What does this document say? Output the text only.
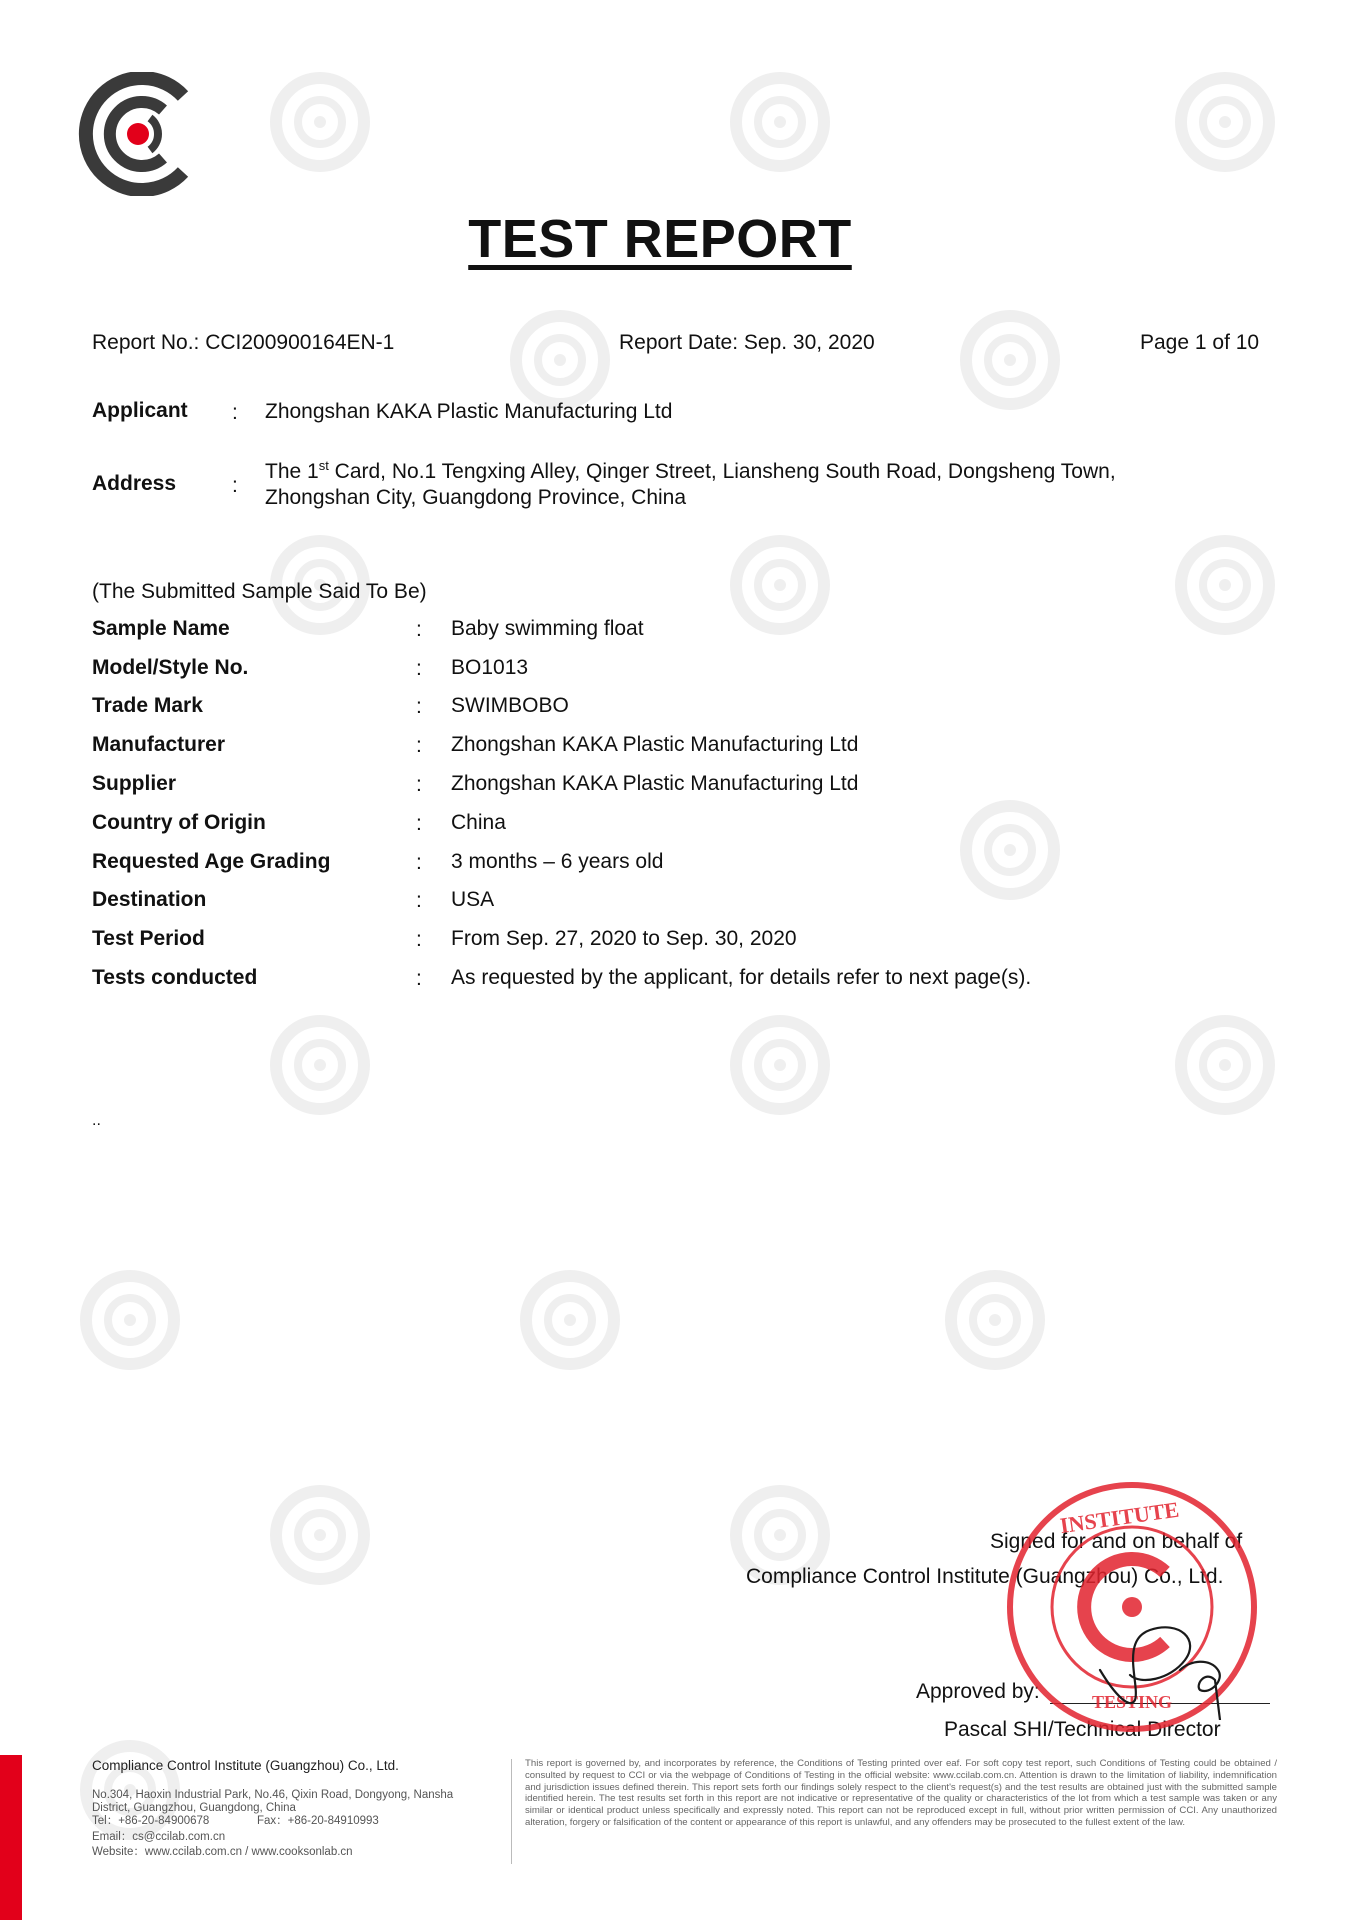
TEST REPORT
Report No.: CCI200900164EN-1	Report Date: Sep. 30, 2020	Page 1 of 10
Applicant : Zhongshan KAKA Plastic Manufacturing Ltd
Address	:
The 1st Card, No.1 Tengxing Alley, Qinger Street, Liansheng South Road, Dongsheng Town,
Zhongshan City, Guangdong Province, China
(The Submitted Sample Said To Be)
Sample Name	: Baby swimming float
Model/Style No.	: BO1013
Trade Mark	: SWIMBOBO
Manufacturer	: Zhongshan KAKA Plastic Manufacturing Ltd
Supplier	: Zhongshan KAKA Plastic Manufacturing Ltd
Country of Origin	: China
Requested Age Grading	: 3 months – 6 years old
Destination	: USA
Test Period	: From Sep. 27, 2020 to Sep. 30, 2020
Tests conducted	: As requested by the applicant, for details refer to next page(s).
..
Signed for and on behalf of
Compliance Control Institute (Guangzhou) Co., Ltd.
Approved by:
Pascal SHI/Technical Director
INSTITUTE
TESTING
Compliance Control Institute (Guangzhou) Co., Ltd.
No.304, Haoxin Industrial Park, No.46, Qixin Road, Dongyong, Nansha
District, Guangzhou, Guangdong, China
Tel：+86-20-84900678	Fax：+86-20-84910993
Email：cs@ccilab.com.cn
Website：www.ccilab.com.cn / www.cooksonlab.cn
This report is governed by, and incorporates by reference, the Conditions of Testing printed over eaf. For soft copy test report, such Conditions of Testing could be obtained / consulted by request to CCI or via the webpage of Conditions of Testing in the official website: www.ccilab.com.cn. Attention is drawn to the limitation of liability, indemnification and jurisdiction issues defined therein. This report sets forth our findings solely respect to the client's request(s) and the test results are obtained just with the submitted sample identified herein. The test results set forth in this report are not indicative or representative of the quality or characteristics of the lot from which a test sample was taken or any similar or identical product unless specifically and expressly noted. This report can not be reproduced except in full, without prior written permission of CCI. Any unauthorized alteration, forgery or falsification of the content or appearance of this report is unlawful, and any offenders may be prosecuted to the fullest extent of the law.
